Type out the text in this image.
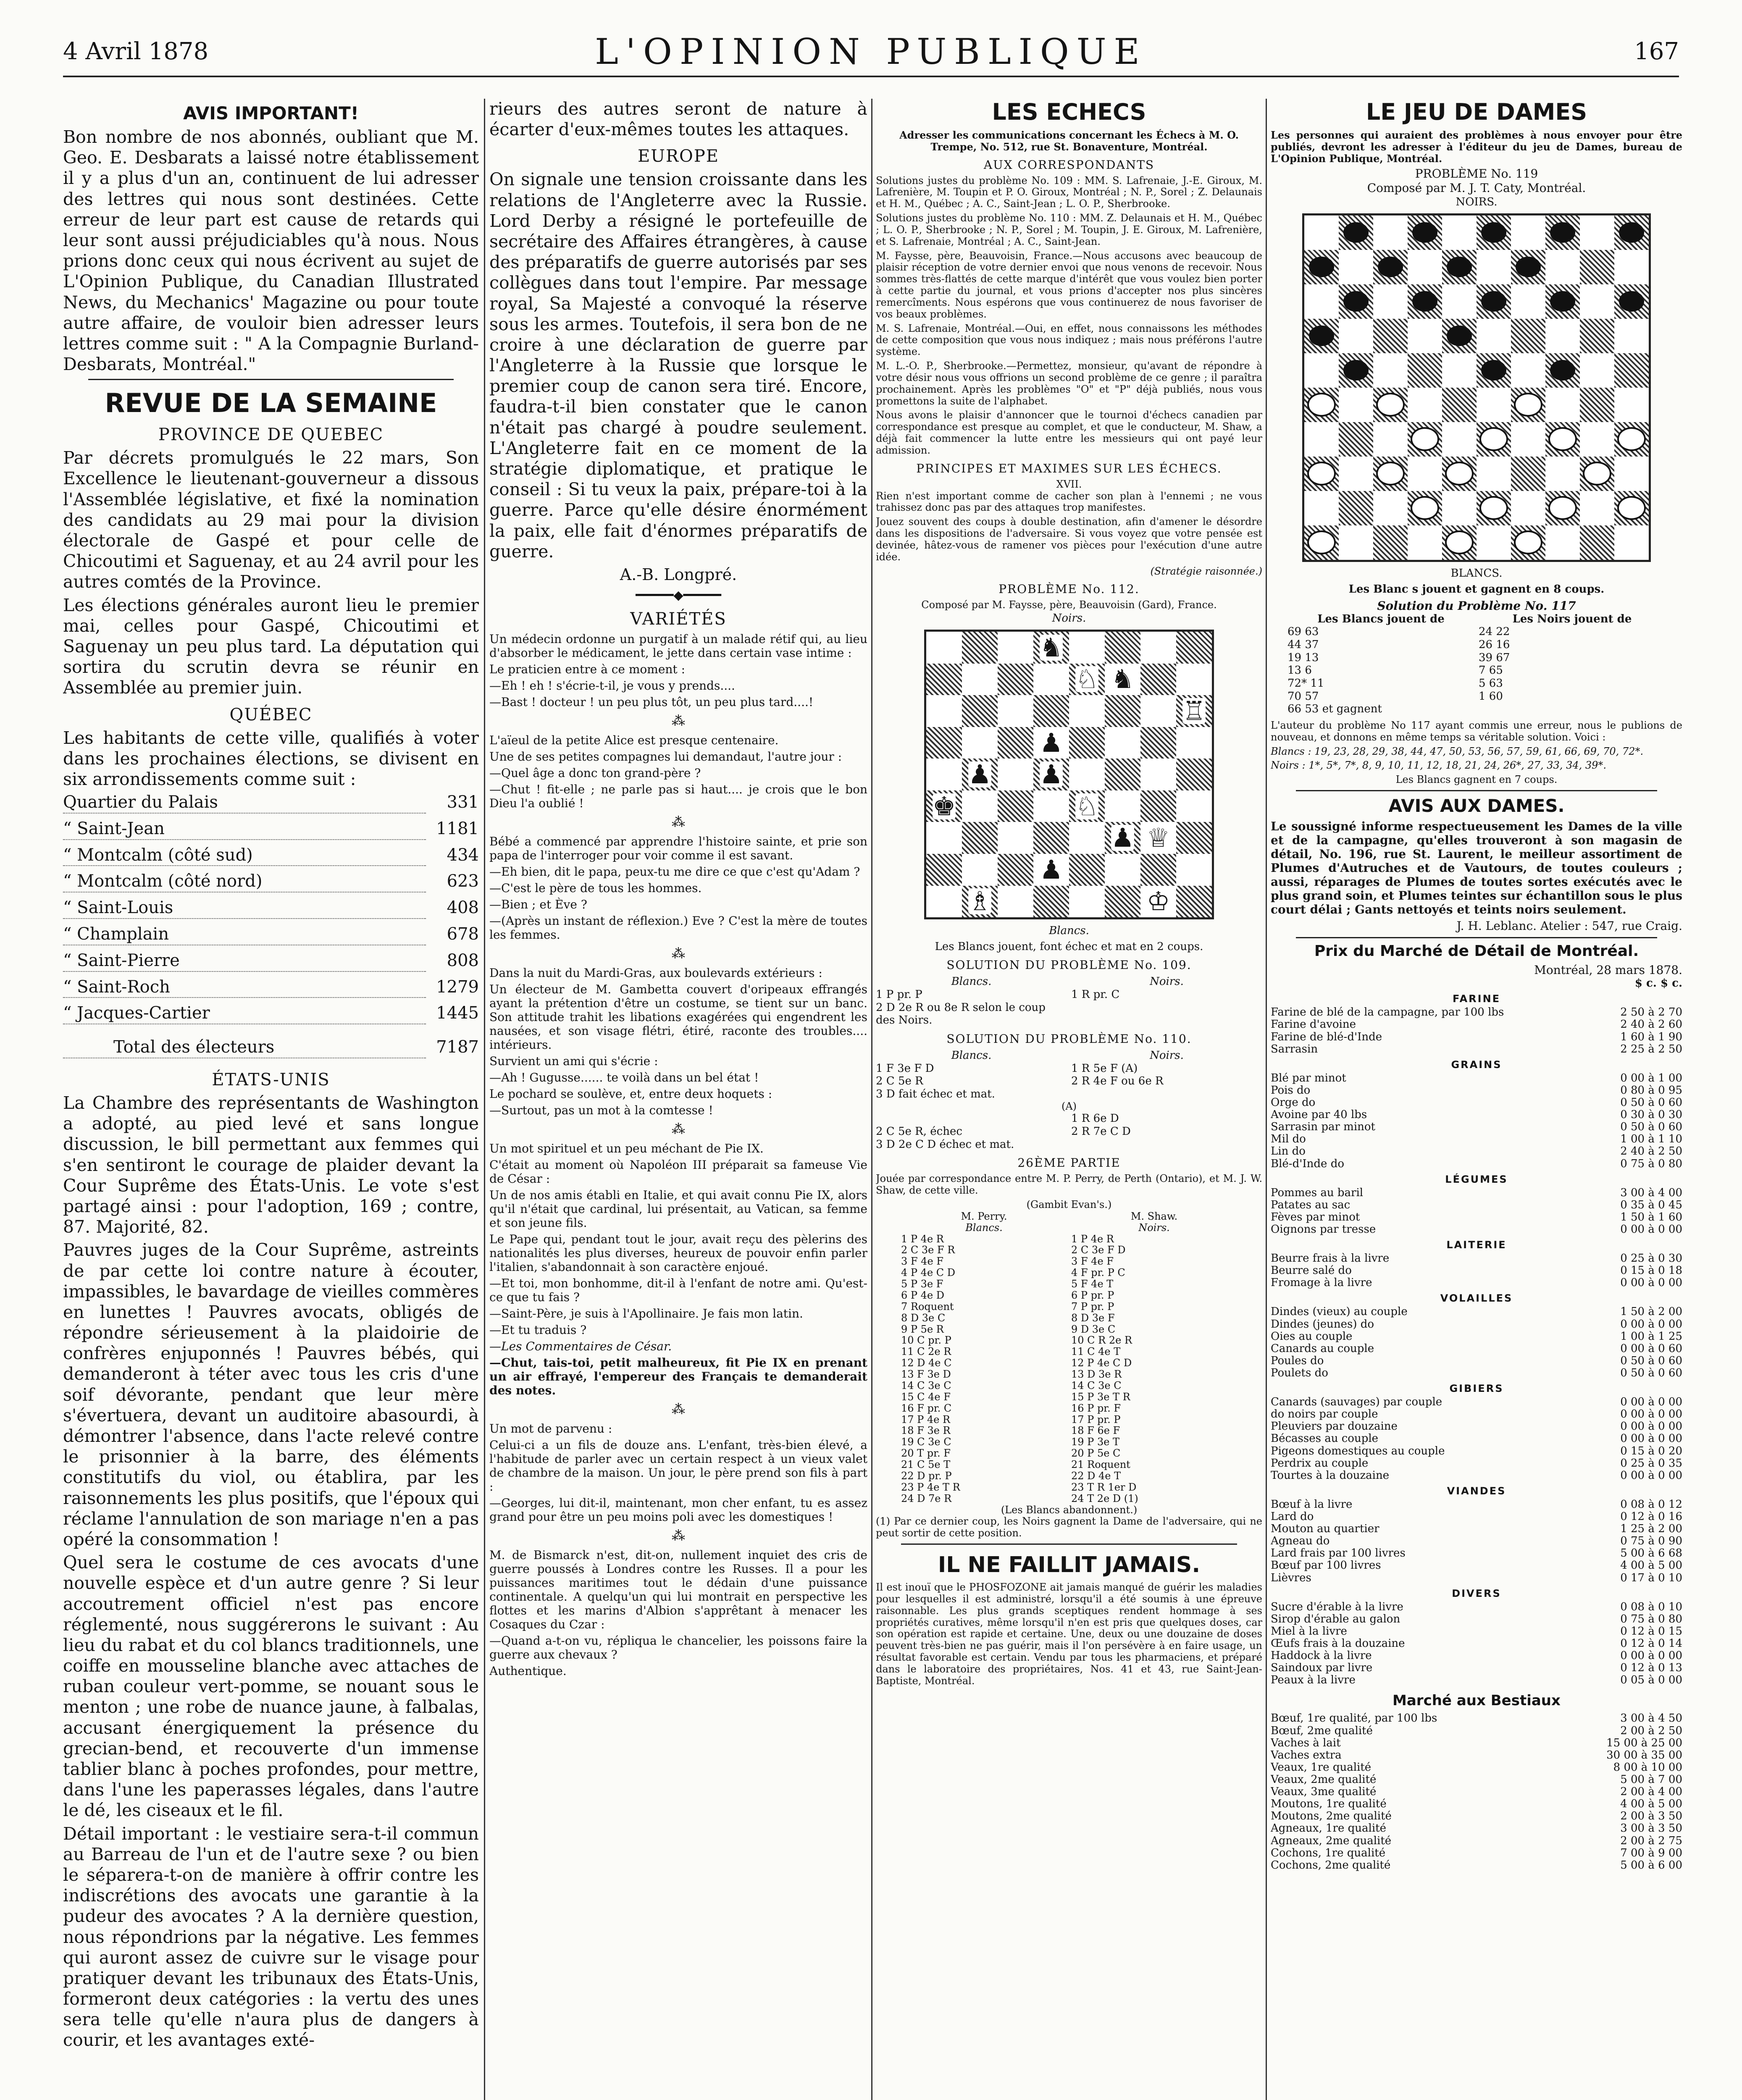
4 Avril 1878	L'OPINION PUBLIQUE	167
AVIS IMPORTANT!

Bon nombre de nos abonnés, oubliant que M. Geo. E. Desbarats a laissé notre établissement il y a plus d'un an, continuent de lui adresser des lettres qui nous sont destinées. Cette erreur de leur part est cause de retards qui leur sont aussi préjudiciables qu'à nous. Nous prions donc ceux qui nous écrivent au sujet de L'Opinion Publique, du Canadian Illustrated News, du Mechanics' Magazine ou pour toute autre affaire, de vouloir bien adresser leurs lettres comme suit : " A la Compagnie Burland-Desbarats, Montréal."

REVUE DE LA SEMAINE
PROVINCE DE QUEBEC

Par décrets promulgués le 22 mars, Son Excellence le lieutenant-gouverneur a dissous l'Assemblée législative, et fixé la nomination des candidats au 29 mai pour la division électorale de Gaspé et pour celle de Chicoutimi et Saguenay, et au 24 avril pour les autres comtés de la Province.

Les élections générales auront lieu le premier mai, celles pour Gaspé, Chicoutimi et Saguenay un peu plus tard. La députation qui sortira du scrutin devra se réunir en Assemblée au premier juin.

QUÉBEC

Les habitants de cette ville, qualifiés à voter dans les prochaines élections, se divisent en six arrondissements comme suit :

Quartier du Palais	331
“ Saint-Jean	1181
“ Montcalm (côté sud)	434
“ Montcalm (côté nord)	623
“ Saint-Louis	408
“ Champlain	678
“ Saint-Pierre	808
“ Saint-Roch	1279
“ Jacques-Cartier	1445
Total des électeurs	7187
ÉTATS-UNIS

La Chambre des représentants de Washington a adopté, au pied levé et sans longue discussion, le bill permettant aux femmes qui s'en sentiront le courage de plaider devant la Cour Suprême des États-Unis. Le vote s'est partagé ainsi : pour l'adoption, 169 ; contre, 87. Majorité, 82.

Pauvres juges de la Cour Suprême, astreints de par cette loi contre nature à écouter, impassibles, le bavardage de vieilles commères en lunettes ! Pauvres avocats, obligés de répondre sérieusement à la plaidoirie de confrères enjuponnés ! Pauvres bébés, qui demanderont à téter avec tous les cris d'une soif dévorante, pendant que leur mère s'évertuera, devant un auditoire abasourdi, à démontrer l'absence, dans l'acte relevé contre le prisonnier à la barre, des éléments constitutifs du viol, ou établira, par les raisonnements les plus positifs, que l'époux qui réclame l'annulation de son mariage n'en a pas opéré la consommation !

Quel sera le costume de ces avocats d'une nouvelle espèce et d'un autre genre ? Si leur accoutrement officiel n'est pas encore réglementé, nous suggérerons le suivant : Au lieu du rabat et du col blancs traditionnels, une coiffe en mousseline blanche avec attaches de ruban couleur vert-pomme, se nouant sous le menton ; une robe de nuance jaune, à falbalas, accusant énergiquement la présence du grecian-bend, et recouverte d'un immense tablier blanc à poches profondes, pour mettre, dans l'une les paperasses légales, dans l'autre le dé, les ciseaux et le fil.

Détail important : le vestiaire sera-t-il commun au Barreau de l'un et de l'autre sexe ? ou bien le séparera-t-on de manière à offrir contre les indiscrétions des avocats une garantie à la pudeur des avocates ? A la dernière question, nous répondrions par la négative. Les femmes qui auront assez de cuivre sur le visage pour pratiquer devant les tribunaux des États-Unis, formeront deux catégories : la vertu des unes sera telle qu'elle n'aura plus de dangers à courir, et les avantages exté-

rieurs des autres seront de nature à écarter d'eux-mêmes toutes les attaques.

EUROPE

On signale une tension croissante dans les relations de l'Angleterre avec la Russie. Lord Derby a résigné le portefeuille de secrétaire des Affaires étrangères, à cause des préparatifs de guerre autorisés par ses collègues dans tout l'empire. Par message royal, Sa Majesté a convoqué la réserve sous les armes. Toutefois, il sera bon de ne croire à une déclaration de guerre par l'Angleterre à la Russie que lorsque le premier coup de canon sera tiré. Encore, faudra-t-il bien constater que le canon n'était pas chargé à poudre seulement. L'Angleterre fait en ce moment de la stratégie diplomatique, et pratique le conseil : Si tu veux la paix, prépare-toi à la guerre. Parce qu'elle désire énormément la paix, elle fait d'énormes préparatifs de guerre.

A.-B. Longpré.
━━━━━◆━━━━━
VARIÉTÉS

Un médecin ordonne un purgatif à un malade rétif qui, au lieu d'absorber le médicament, le jette dans certain vase intime :

Le praticien entre à ce moment :

—Eh ! eh ! s'écrie-t-il, je vous y prends....

—Bast ! docteur ! un peu plus tôt, un peu plus tard....!

⁂

L'aïeul de la petite Alice est presque centenaire.

Une de ses petites compagnes lui demandaut, l'autre jour :

—Quel âge a donc ton grand-père ?

—Chut ! fit-elle ; ne parle pas si haut.... je crois que le bon Dieu l'a oublié !

⁂

Bébé a commencé par apprendre l'histoire sainte, et prie son papa de l'interroger pour voir comme il est savant.

—Eh bien, dit le papa, peux-tu me dire ce que c'est qu'Adam ?

—C'est le père de tous les hommes.

—Bien ; et Ève ?

—(Après un instant de réflexion.) Eve ? C'est la mère de toutes les femmes.

⁂

Dans la nuit du Mardi-Gras, aux boulevards extérieurs :

Un électeur de M. Gambetta couvert d'oripeaux effrangés ayant la prétention d'être un costume, se tient sur un banc. Son attitude trahit les libations exagérées qui engendrent les nausées, et son visage flétri, étiré, raconte des troubles.... intérieurs.

Survient un ami qui s'écrie :

—Ah ! Gugusse...... te voilà dans un bel état !

Le pochard se soulève, et, entre deux hoquets :

—Surtout, pas un mot à la comtesse !

⁂

Un mot spirituel et un peu méchant de Pie IX.

C'était au moment où Napoléon III préparait sa fameuse Vie de César :

Un de nos amis établi en Italie, et qui avait connu Pie IX, alors qu'il n'était que cardinal, lui présentait, au Vatican, sa femme et son jeune fils.

Le Pape qui, pendant tout le jour, avait reçu des pèlerins des nationalités les plus diverses, heureux de pouvoir enfin parler l'italien, s'abandonnait à son caractère enjoué.

—Et toi, mon bonhomme, dit-il à l'enfant de notre ami. Qu'est-ce que tu fais ?

—Saint-Père, je suis à l'Apollinaire. Je fais mon latin.

—Et tu traduis ?

—Les Commentaires de César.

—Chut, tais-toi, petit malheureux, fit Pie IX en prenant un air effrayé, l'empereur des Français te demanderait des notes.

⁂

Un mot de parvenu :

Celui-ci a un fils de douze ans. L'enfant, très-bien élevé, a l'habitude de parler avec un certain respect à un vieux valet de chambre de la maison. Un jour, le père prend son fils à part :

—Georges, lui dit-il, maintenant, mon cher enfant, tu es assez grand pour être un peu moins poli avec les domestiques !

⁂

M. de Bismarck n'est, dit-on, nullement inquiet des cris de guerre poussés à Londres contre les Russes. Il a pour les puissances maritimes tout le dédain d'une puissance continentale. A quelqu'un qui lui montrait en perspective les flottes et les marins d'Albion s'apprêtant à menacer les Cosaques du Czar :

—Quand a-t-on vu, répliqua le chancelier, les poissons faire la guerre aux chevaux ?

Authentique.

LES ECHECS

Adresser les communications concernant les Échecs à M. O. Trempe, No. 512, rue St. Bonaventure, Montréal.

AUX CORRESPONDANTS

Solutions justes du problème No. 109 : MM. S. Lafrenaie, J.-E. Giroux, M. Lafrenière, M. Toupin et P. O. Giroux, Montréal ; N. P., Sorel ; Z. Delaunais et H. M., Québec ; A. C., Saint-Jean ; L. O. P., Sherbrooke.

Solutions justes du problème No. 110 : MM. Z. Delaunais et H. M., Québec ; L. O. P., Sherbrooke ; N. P., Sorel ; M. Toupin, J. E. Giroux, M. Lafrenière, et S. Lafrenaie, Montréal ; A. C., Saint-Jean.

M. Faysse, père, Beauvoisin, France.—Nous accusons avec beaucoup de plaisir réception de votre dernier envoi que nous venons de recevoir. Nous sommes très-flattés de cette marque d'intérêt que vous voulez bien porter à cette partie du journal, et vous prions d'accepter nos plus sincères remercîments. Nous espérons que vous continuerez de nous favoriser de vos beaux problèmes.

M. S. Lafrenaie, Montréal.—Oui, en effet, nous connaissons les méthodes de cette composition que vous nous indiquez ; mais nous préférons l'autre système.

M. L.-O. P., Sherbrooke.—Permettez, monsieur, qu'avant de répondre à votre désir nous vous offrions un second problème de ce genre ; il paraîtra prochainement. Après les problèmes "O" et "P" déjà publiés, nous vous promettons la suite de l'alphabet.

Nous avons le plaisir d'annoncer que le tournoi d'échecs canadien par correspondance est presque au complet, et que le conducteur, M. Shaw, a déjà fait commencer la lutte entre les messieurs qui ont payé leur admission.

PRINCIPES ET MAXIMES SUR LES ÉCHECS.
XVII.

Rien n'est important comme de cacher son plan à l'ennemi ; ne vous trahissez donc pas par des attaques trop manifestes.

Jouez souvent des coups à double destination, afin d'amener le désordre dans les dispositions de l'adversaire. Si vous voyez que votre pensée est devinée, hâtez-vous de ramener vos pièces pour l'exécution d'une autre idée.

(Stratégie raisonnée.)

PROBLÈME No. 112.
Composé par M. Faysse, père, Beauvoisin (Gard), France.
Noirs.
♞
♘ ♞
♖
♟
♟ ♟
♚	♘
♟ ♕
♟
♗	♔
Blancs.
Les Blancs jouent, font échec et mat en 2 coups.
SOLUTION DU PROBLÈME No. 109.
Blancs.	Noirs.
1 P pr. P	1 R pr. C
2 D 2e R ou 8e R selon le coup des Noirs.
SOLUTION DU PROBLÈME No. 110.
Blancs.	Noirs.
1 F 3e F D	1 R 5e F (A)
2 C 5e R	2 R 4e F ou 6e R
3 D fait échec et mat.
(A)
1 R 6e D
2 C 5e R, échec	2 R 7e C D
3 D 2e C D échec et mat.
26ÈME PARTIE

Jouée par correspondance entre M. P. Perry, de Perth (Ontario), et M. J. W. Shaw, de cette ville.

(Gambit Evan's.)
M. Perry.	M. Shaw.
Blancs.	Noirs.
1 P 4e R	1 P 4e R
2 C 3e F R	2 C 3e F D
3 F 4e F	3 F 4e F
4 P 4e C D	4 F pr. P C
5 P 3e F	5 F 4e T
6 P 4e D	6 P pr. P
7 Roquent	7 P pr. P
8 D 3e C	8 D 3e F
9 P 5e R	9 D 3e C
10 C pr. P	10 C R 2e R
11 C 2e R	11 C 4e T
12 D 4e C	12 P 4e C D
13 F 3e D	13 D 3e R
14 C 3e C	14 C 3e C
15 C 4e F	15 P 3e T R
16 F pr. C	16 P pr. F
17 P 4e R	17 P pr. P
18 F 3e R	18 F 6e F
19 C 3e C	19 P 3e T
20 T pr. F	20 P 5e C
21 C 5e T	21 Roquent
22 D pr. P	22 D 4e T
23 P 4e T R	23 T R 1er D
24 D 7e R	24 T 2e D (1)
(Les Blancs abandonnent.)

(1) Par ce dernier coup, les Noirs gagnent la Dame de l'adversaire, qui ne peut sortir de cette position.

IL NE FAILLIT JAMAIS.

Il est inouï que le PHOSFOZONE ait jamais manqué de guérir les maladies pour lesquelles il est administré, lorsqu'il a été soumis à une épreuve raisonnable. Les plus grands sceptiques rendent hommage à ses propriétés curatives, même lorsqu'il n'en est pris que quelques doses, car son opération est rapide et certaine. Une, deux ou une douzaine de doses peuvent très-bien ne pas guérir, mais il l'on persévère à en faire usage, un résultat favorable est certain. Vendu par tous les pharmaciens, et préparé dans le laboratoire des propriétaires, Nos. 41 et 43, rue Saint-Jean-Baptiste, Montréal.

LE JEU DE DAMES

Les personnes qui auraient des problèmes à nous envoyer pour être publiés, devront les adresser à l'éditeur du jeu de Dames, bureau de L'Opinion Publique, Montréal.

PROBLÈME No. 119
Composé par M. J. T. Caty, Montréal.
NOIRS.
BLANCS.
Les Blanc s jouent et gagnent en 8 coups.
Solution du Problème No. 117
Les Blancs jouent de	Les Noirs jouent de
69 63	24 22
44 37	26 16
19 13	39 67
13 6	7 65
72* 11	5 63
70 57	1 60
66 53 et gagnent

L'auteur du problème No 117 ayant commis une erreur, nous le publions de nouveau, et donnons en même temps sa véritable solution. Voici :

Blancs : 19, 23, 28, 29, 38, 44, 47, 50, 53, 56, 57, 59, 61, 66, 69, 70, 72*.

Noirs : 1*, 5*, 7*, 8, 9, 10, 11, 12, 18, 21, 24, 26*, 27, 33, 34, 39*.

Les Blancs gagnent en 7 coups.

AVIS AUX DAMES.

Le soussigné informe respectueusement les Dames de la ville et de la campagne, qu'elles trouveront à son magasin de détail, No. 196, rue St. Laurent, le meilleur assortiment de Plumes d'Autruches et de Vautours, de toutes couleurs ; aussi, réparages de Plumes de toutes sortes exécutés avec le plus grand soin, et Plumes teintes sur échantillon sous le plus court délai ; Gants nettoyés et teints noirs seulement.

J. H. Leblanc. Atelier : 547, rue Craig.

Prix du Marché de Détail de Montréal.
Montréal, 28 mars 1878.
$ c. $ c.
FARINE
Farine de blé de la campagne, par 100 lbs	2 50 à 2 70
Farine d'avoine	2 40 à 2 60
Farine de blé-d'Inde	1 60 à 1 90
Sarrasin	2 25 à 2 50
GRAINS
Blé par minot	0 00 à 1 00
Pois do	0 80 à 0 95
Orge do	0 50 à 0 60
Avoine par 40 lbs	0 30 à 0 30
Sarrasin par minot	0 50 à 0 60
Mil do	1 00 à 1 10
Lin do	2 40 à 2 50
Blé-d'Inde do	0 75 à 0 80
LÉGUMES
Pommes au baril	3 00 à 4 00
Patates au sac	0 35 à 0 45
Fèves par minot	1 50 à 1 60
Oignons par tresse	0 00 à 0 00
LAITERIE
Beurre frais à la livre	0 25 à 0 30
Beurre salé do	0 15 à 0 18
Fromage à la livre	0 00 à 0 00
VOLAILLES
Dindes (vieux) au couple	1 50 à 2 00
Dindes (jeunes) do	0 00 à 0 00
Oies au couple	1 00 à 1 25
Canards au couple	0 00 à 0 60
Poules do	0 50 à 0 60
Poulets do	0 50 à 0 60
GIBIERS
Canards (sauvages) par couple	0 00 à 0 00
do noirs par couple	0 00 à 0 00
Pleuviers par douzaine	0 00 à 0 00
Bécasses au couple	0 00 à 0 00
Pigeons domestiques au couple	0 15 à 0 20
Perdrix au couple	0 25 à 0 35
Tourtes à la douzaine	0 00 à 0 00
VIANDES
Bœuf à la livre	0 08 à 0 12
Lard do	0 12 à 0 16
Mouton au quartier	1 25 à 2 00
Agneau do	0 75 à 0 90
Lard frais par 100 livres	5 00 à 6 68
Bœuf par 100 livres	4 00 à 5 00
Lièvres	0 17 à 0 10
DIVERS
Sucre d'érable à la livre	0 08 à 0 10
Sirop d'érable au galon	0 75 à 0 80
Miel à la livre	0 12 à 0 15
Œufs frais à la douzaine	0 12 à 0 14
Haddock à la livre	0 00 à 0 00
Saindoux par livre	0 12 à 0 13
Peaux à la livre	0 05 à 0 00
Marché aux Bestiaux
Bœuf, 1re qualité, par 100 lbs	3 00 à 4 50
Bœuf, 2me qualité	2 00 à 2 50
Vaches à lait	15 00 à 25 00
Vaches extra	30 00 à 35 00
Veaux, 1re qualité	8 00 à 10 00
Veaux, 2me qualité	5 00 à 7 00
Veaux, 3me qualité	2 00 à 4 00
Moutons, 1re qualité	4 00 à 5 00
Moutons, 2me qualité	2 00 à 3 50
Agneaux, 1re qualité	3 00 à 3 50
Agneaux, 2me qualité	2 00 à 2 75
Cochons, 1re qualité	7 00 à 9 00
Cochons, 2me qualité	5 00 à 6 00
